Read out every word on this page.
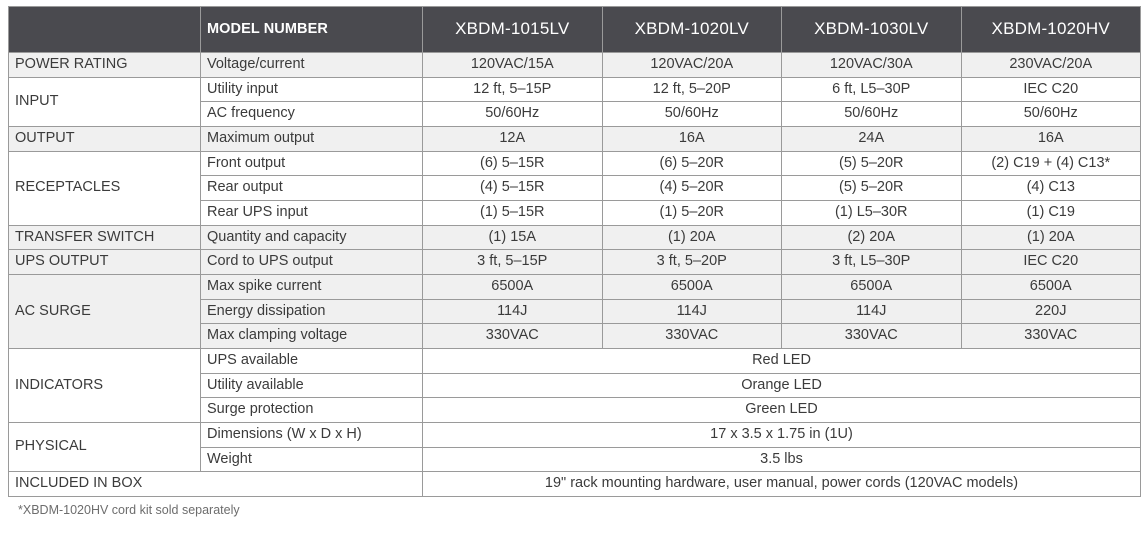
	MODEL NUMBER	XBDM-1015LV	XBDM-1020LV	XBDM-1030LV	XBDM-1020HV
POWER RATING	Voltage/current	120VAC/15A	120VAC/20A	120VAC/30A	230VAC/20A
INPUT	Utility input	12 ft, 5–15P	12 ft, 5–20P	6 ft, L5–30P	IEC C20
	AC frequency	50/60Hz	50/60Hz	50/60Hz	50/60Hz
OUTPUT	Maximum output	12A	16A	24A	16A
RECEPTACLES	Front output	(6) 5–15R	(6) 5–20R	(5) 5–20R	(2) C19 + (4) C13*
	Rear output	(4) 5–15R	(4) 5–20R	(5) 5–20R	(4) C13
	Rear UPS input	(1) 5–15R	(1) 5–20R	(1) L5–30R	(1) C19
TRANSFER SWITCH	Quantity and capacity	(1) 15A	(1) 20A	(2) 20A	(1) 20A
UPS OUTPUT	Cord to UPS output	3 ft, 5–15P	3 ft, 5–20P	3 ft, L5–30P	IEC C20
AC SURGE	Max spike current	6500A	6500A	6500A	6500A
	Energy dissipation	114J	114J	114J	220J
	Max clamping voltage	330VAC	330VAC	330VAC	330VAC
INDICATORS	UPS available	Red LED			
	Utility available	Orange LED			
	Surge protection	Green LED			
PHYSICAL	Dimensions (W x D x H)	17 x 3.5 x 1.75 in (1U)			
	Weight	3.5 lbs			
INCLUDED IN BOX		19" rack mounting hardware, user manual, power cords (120VAC models)			
*XBDM-1020HV cord kit sold separately
